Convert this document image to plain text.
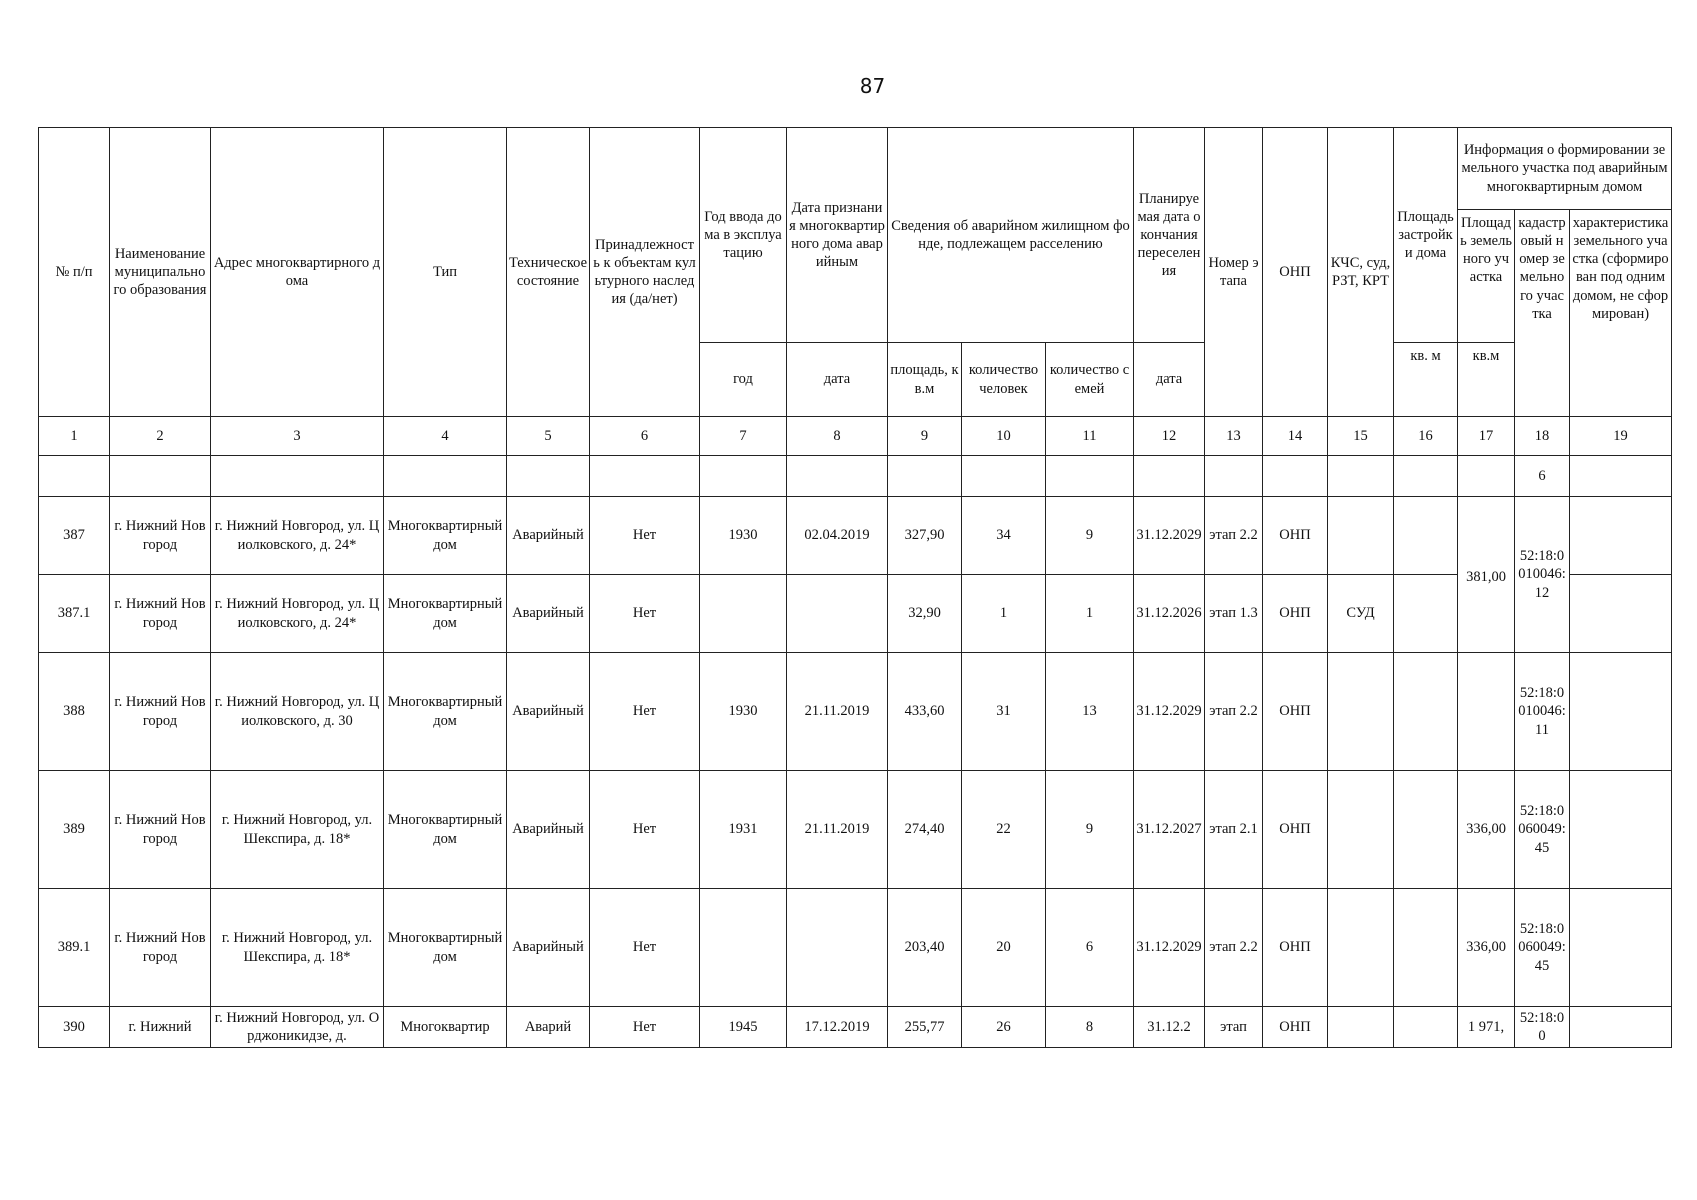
87
№ п/п	Наименование муниципального образования	Адрес многоквартирного дома	Тип	Техническое состояние	Принадлежность к объектам культурного наследия (да/нет)	Год ввода дома в эксплуатацию	Дата признания многоквартирного дома аварийным	Сведения об аварийном жилищном фонде, подлежащем расселению			Планируемая дата окончания переселения	Номер этапа	ОНП	КЧС, суд, РЗТ, КРТ	Площадь застройки дома	Информация о формировании земельного участка под аварийным многоквартирным домом		
																Площадь земельного участка	кадастровый номер земельного участка	характеристика земельного участка (сформирован под одним домом, не сформирован)
						год	дата	площадь, кв.м	количество человек	количество семей	дата				кв. м	кв.м		
1	2	3	4	5	6	7	8	9	10	11	12	13	14	15	16	17	18	19
																	6	
387	г. Нижний Новгород	г. Нижний Новгород, ул. Циолковского, д. 24*	Многоквартирный дом	Аварийный	Нет	1930	02.04.2019	327,90	34	9	31.12.2029	этап 2.2	ОНП			381,00	52:18:0010046:12	
387.1	г. Нижний Новгород	г. Нижний Новгород, ул. Циолковского, д. 24*	Многоквартирный дом	Аварийный	Нет			32,90	1	1	31.12.2026	этап 1.3	ОНП	СУД				
388	г. Нижний Новгород	г. Нижний Новгород, ул. Циолковского, д. 30	Многоквартирный дом	Аварийный	Нет	1930	21.11.2019	433,60	31	13	31.12.2029	этап 2.2	ОНП				52:18:0010046:11	
389	г. Нижний Новгород	г. Нижний Новгород, ул. Шекспира, д. 18*	Многоквартирный дом	Аварийный	Нет	1931	21.11.2019	274,40	22	9	31.12.2027	этап 2.1	ОНП			336,00	52:18:0060049:45	
389.1	г. Нижний Новгород	г. Нижний Новгород, ул. Шекспира, д. 18*	Многоквартирный дом	Аварийный	Нет			203,40	20	6	31.12.2029	этап 2.2	ОНП			336,00	52:18:0060049:45	
390	г. Нижний	г. Нижний Новгород, ул. Орджоникидзе, д.	Многоквартир	Аварий	Нет	1945	17.12.2019	255,77	26	8	31.12.2	этап	ОНП			1 971,	52:18:00	
